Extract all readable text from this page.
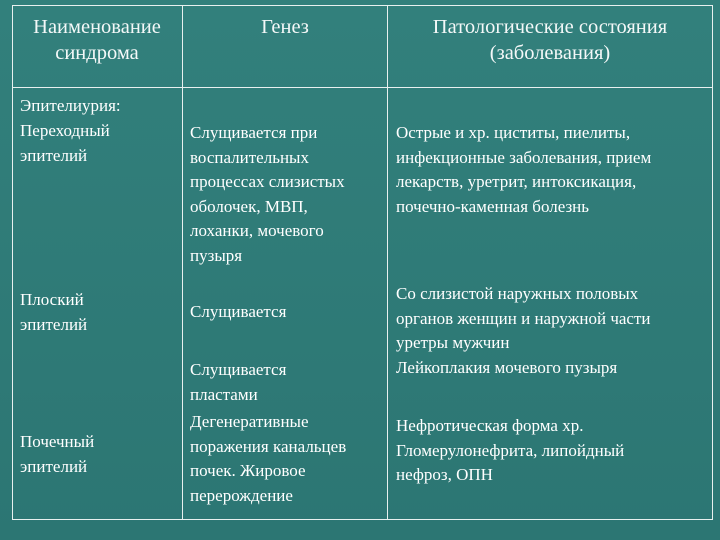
Наименование
синдрома
Генез	Патологические состояния
(заболевания)
Эпителиурия:
Переходный
эпителий
Плоский
эпителий
Почечный
эпителий
Слущивается при
воспалительных
процессах слизистых
оболочек, МВП,
лоханки, мочевого
пузыря
Слущивается
Слущивается
пластами
Дегенеративные
поражения канальцев
почек. Жировое
перерождение
Острые и хр. циститы, пиелиты,
инфекционные заболевания, прием
лекарств, уретрит, интоксикация,
почечно-каменная болезнь
Со слизистой наружных половых
органов женщин и наружной части
уретры мужчин
Лейкоплакия мочевого пузыря
Нефротическая форма хр.
Гломерулонефрита, липойдный
нефроз, ОПН
